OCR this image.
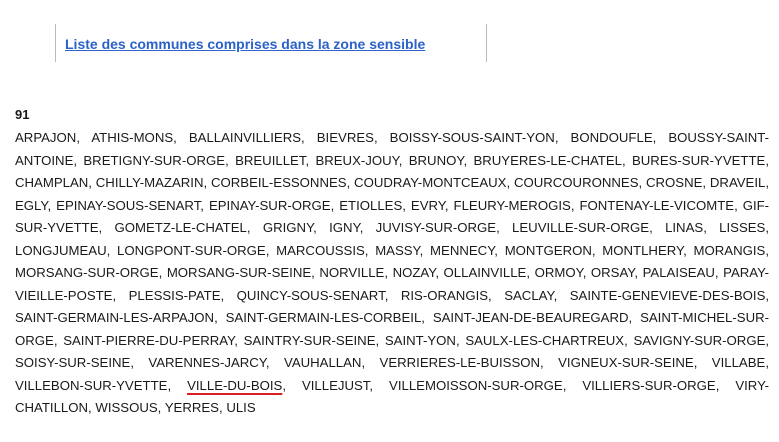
Liste des communes comprises dans la zone sensible
91
ARPAJON, ATHIS-MONS, BALLAINVILLIERS, BIEVRES, BOISSY-SOUS-SAINT-YON, BONDOUFLE, BOUSSY-SAINT-ANTOINE, BRETIGNY-SUR-ORGE, BREUILLET, BREUX-JOUY, BRUNOY, BRUYERES-LE-CHATEL, BURES-SUR-YVETTE, CHAMPLAN, CHILLY-MAZARIN, CORBEIL-ESSONNES, COUDRAY-MONTCEAUX, COURCOURONNES, CROSNE, DRAVEIL, EGLY, EPINAY-SOUS-SENART, EPINAY-SUR-ORGE, ETIOLLES, EVRY, FLEURY-MEROGIS, FONTENAY-LE-VICOMTE, GIF-SUR-YVETTE, GOMETZ-LE-CHATEL, GRIGNY, IGNY, JUVISY-SUR-ORGE, LEUVILLE-SUR-ORGE, LINAS, LISSES, LONGJUMEAU, LONGPONT-SUR-ORGE, MARCOUSSIS, MASSY, MENNECY, MONTGERON, MONTLHERY, MORANGIS, MORSANG-SUR-ORGE, MORSANG-SUR-SEINE, NORVILLE, NOZAY, OLLAINVILLE, ORMOY, ORSAY, PALAISEAU, PARAY-VIEILLE-POSTE, PLESSIS-PATE, QUINCY-SOUS-SENART, RIS-ORANGIS, SACLAY, SAINTE-GENEVIEVE-DES-BOIS, SAINT-GERMAIN-LES-ARPAJON, SAINT-GERMAIN-LES-CORBEIL, SAINT-JEAN-DE-BEAUREGARD, SAINT-MICHEL-SUR-ORGE, SAINT-PIERRE-DU-PERRAY, SAINTRY-SUR-SEINE, SAINT-YON, SAULX-LES-CHARTREUX, SAVIGNY-SUR-ORGE, SOISY-SUR-SEINE, VARENNES-JARCY, VAUHALLAN, VERRIERES-LE-BUISSON, VIGNEUX-SUR-SEINE, VILLABE, VILLEBON-SUR-YVETTE, VILLE-DU-BOIS, VILLEJUST, VILLEMOISSON-SUR-ORGE, VILLIERS-SUR-ORGE, VIRY-CHATILLON, WISSOUS, YERRES, ULIS
